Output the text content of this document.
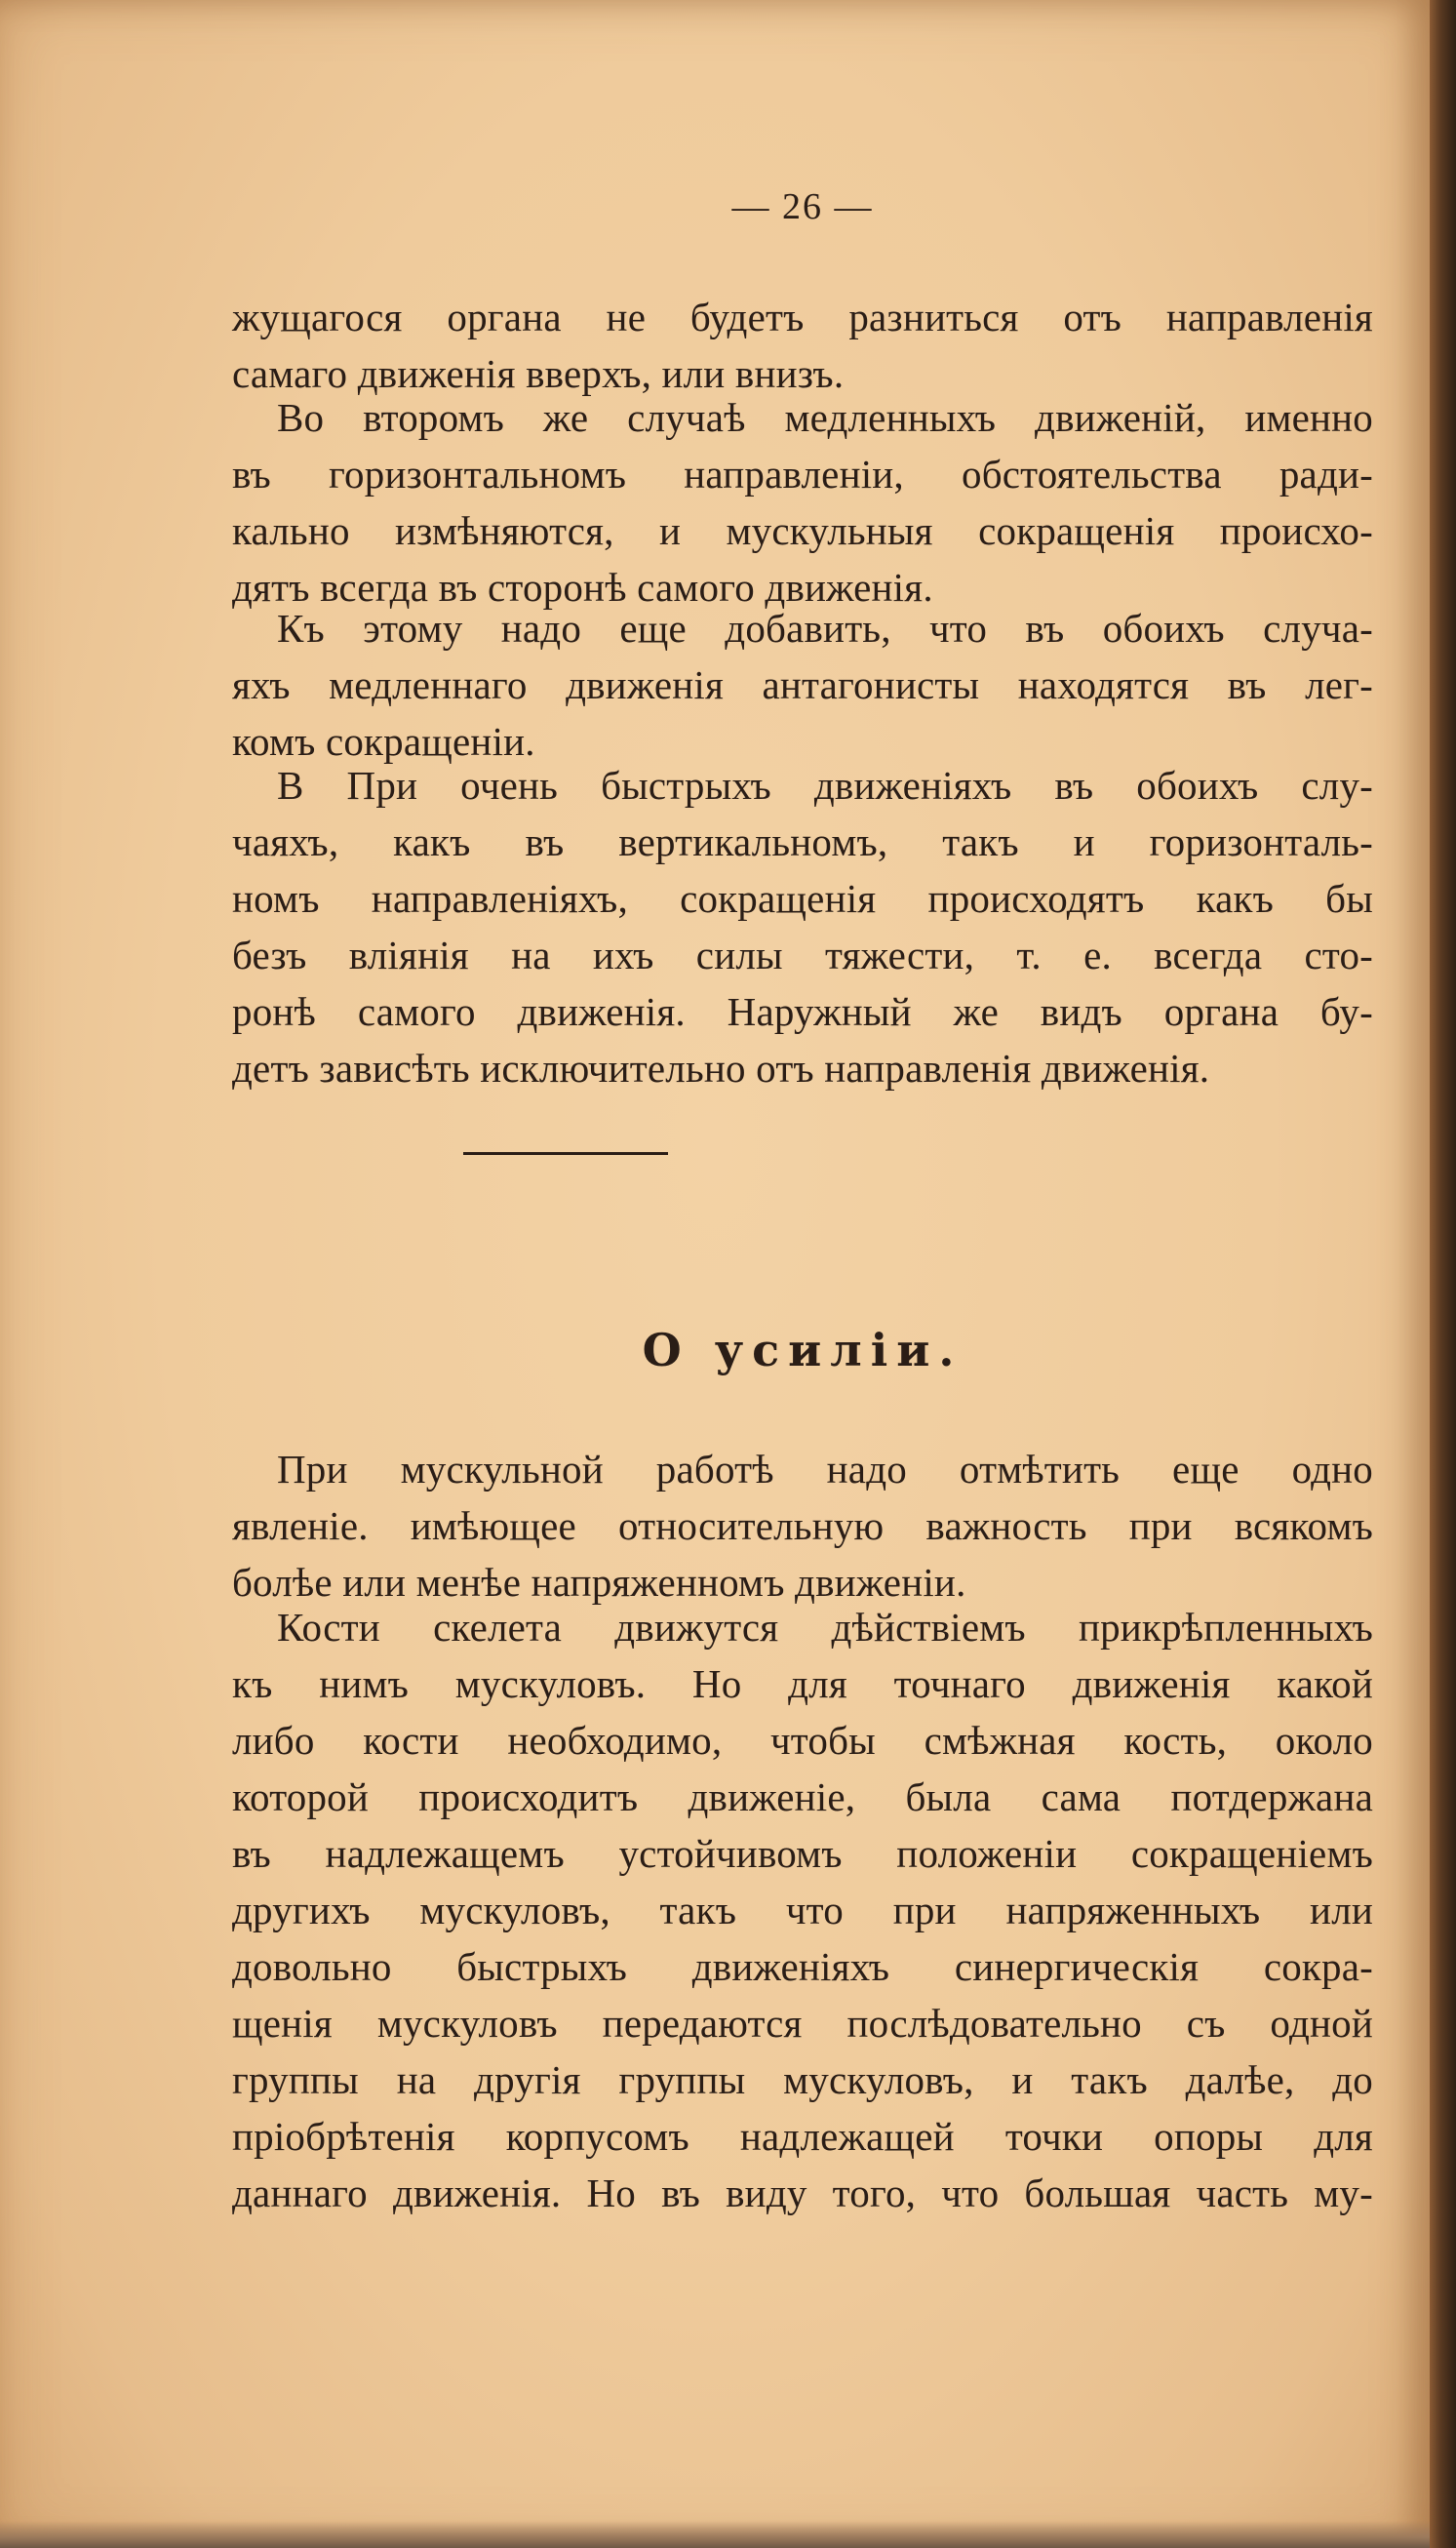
— 26 —
жущагося органа не будетъ разниться отъ направленія
самаго движенія вверхъ, или внизъ.
Во второмъ же случаѣ медленныхъ движеній, именно
въ горизонтальномъ направленіи, обстоятельства ради-
кально измѣняются, и мускульныя сокращенія происхо-
дятъ всегда въ сторонѣ самого движенія.
Къ этому надо еще добавить, что въ обоихъ случа-
яхъ медленнаго движенія антагонисты находятся въ лег-
комъ сокращеніи.
В При очень быстрыхъ движеніяхъ въ обоихъ слу-
чаяхъ, какъ въ вертикальномъ, такъ и горизонталь-
номъ направленіяхъ, сокращенія происходятъ какъ бы
безъ вліянія на ихъ силы тяжести, т. е. всегда сто-
ронѣ самого движенія. Наружный же видъ органа бу-
детъ зависѣть исключительно отъ направленія движенія.
О усиліи.
При мускульной работѣ надо отмѣтить еще одно
явленіе. имѣющее относительную важность при всякомъ
болѣе или менѣе напряженномъ движеніи.
Кости скелета движутся дѣйствіемъ прикрѣпленныхъ
къ нимъ мускуловъ. Но для точнаго движенія какой
либо кости необходимо, чтобы смѣжная кость, около
которой происходитъ движеніе, была сама потдержана
въ надлежащемъ устойчивомъ положеніи сокращеніемъ
другихъ мускуловъ, такъ что при напряженныхъ или
довольно быстрыхъ движеніяхъ синергическія сокра-
щенія мускуловъ передаются послѣдовательно съ одной
группы на другія группы мускуловъ, и такъ далѣе, до
пріобрѣтенія корпусомъ надлежащей точки опоры для
даннаго движенія. Но въ виду того, что большая часть му-
